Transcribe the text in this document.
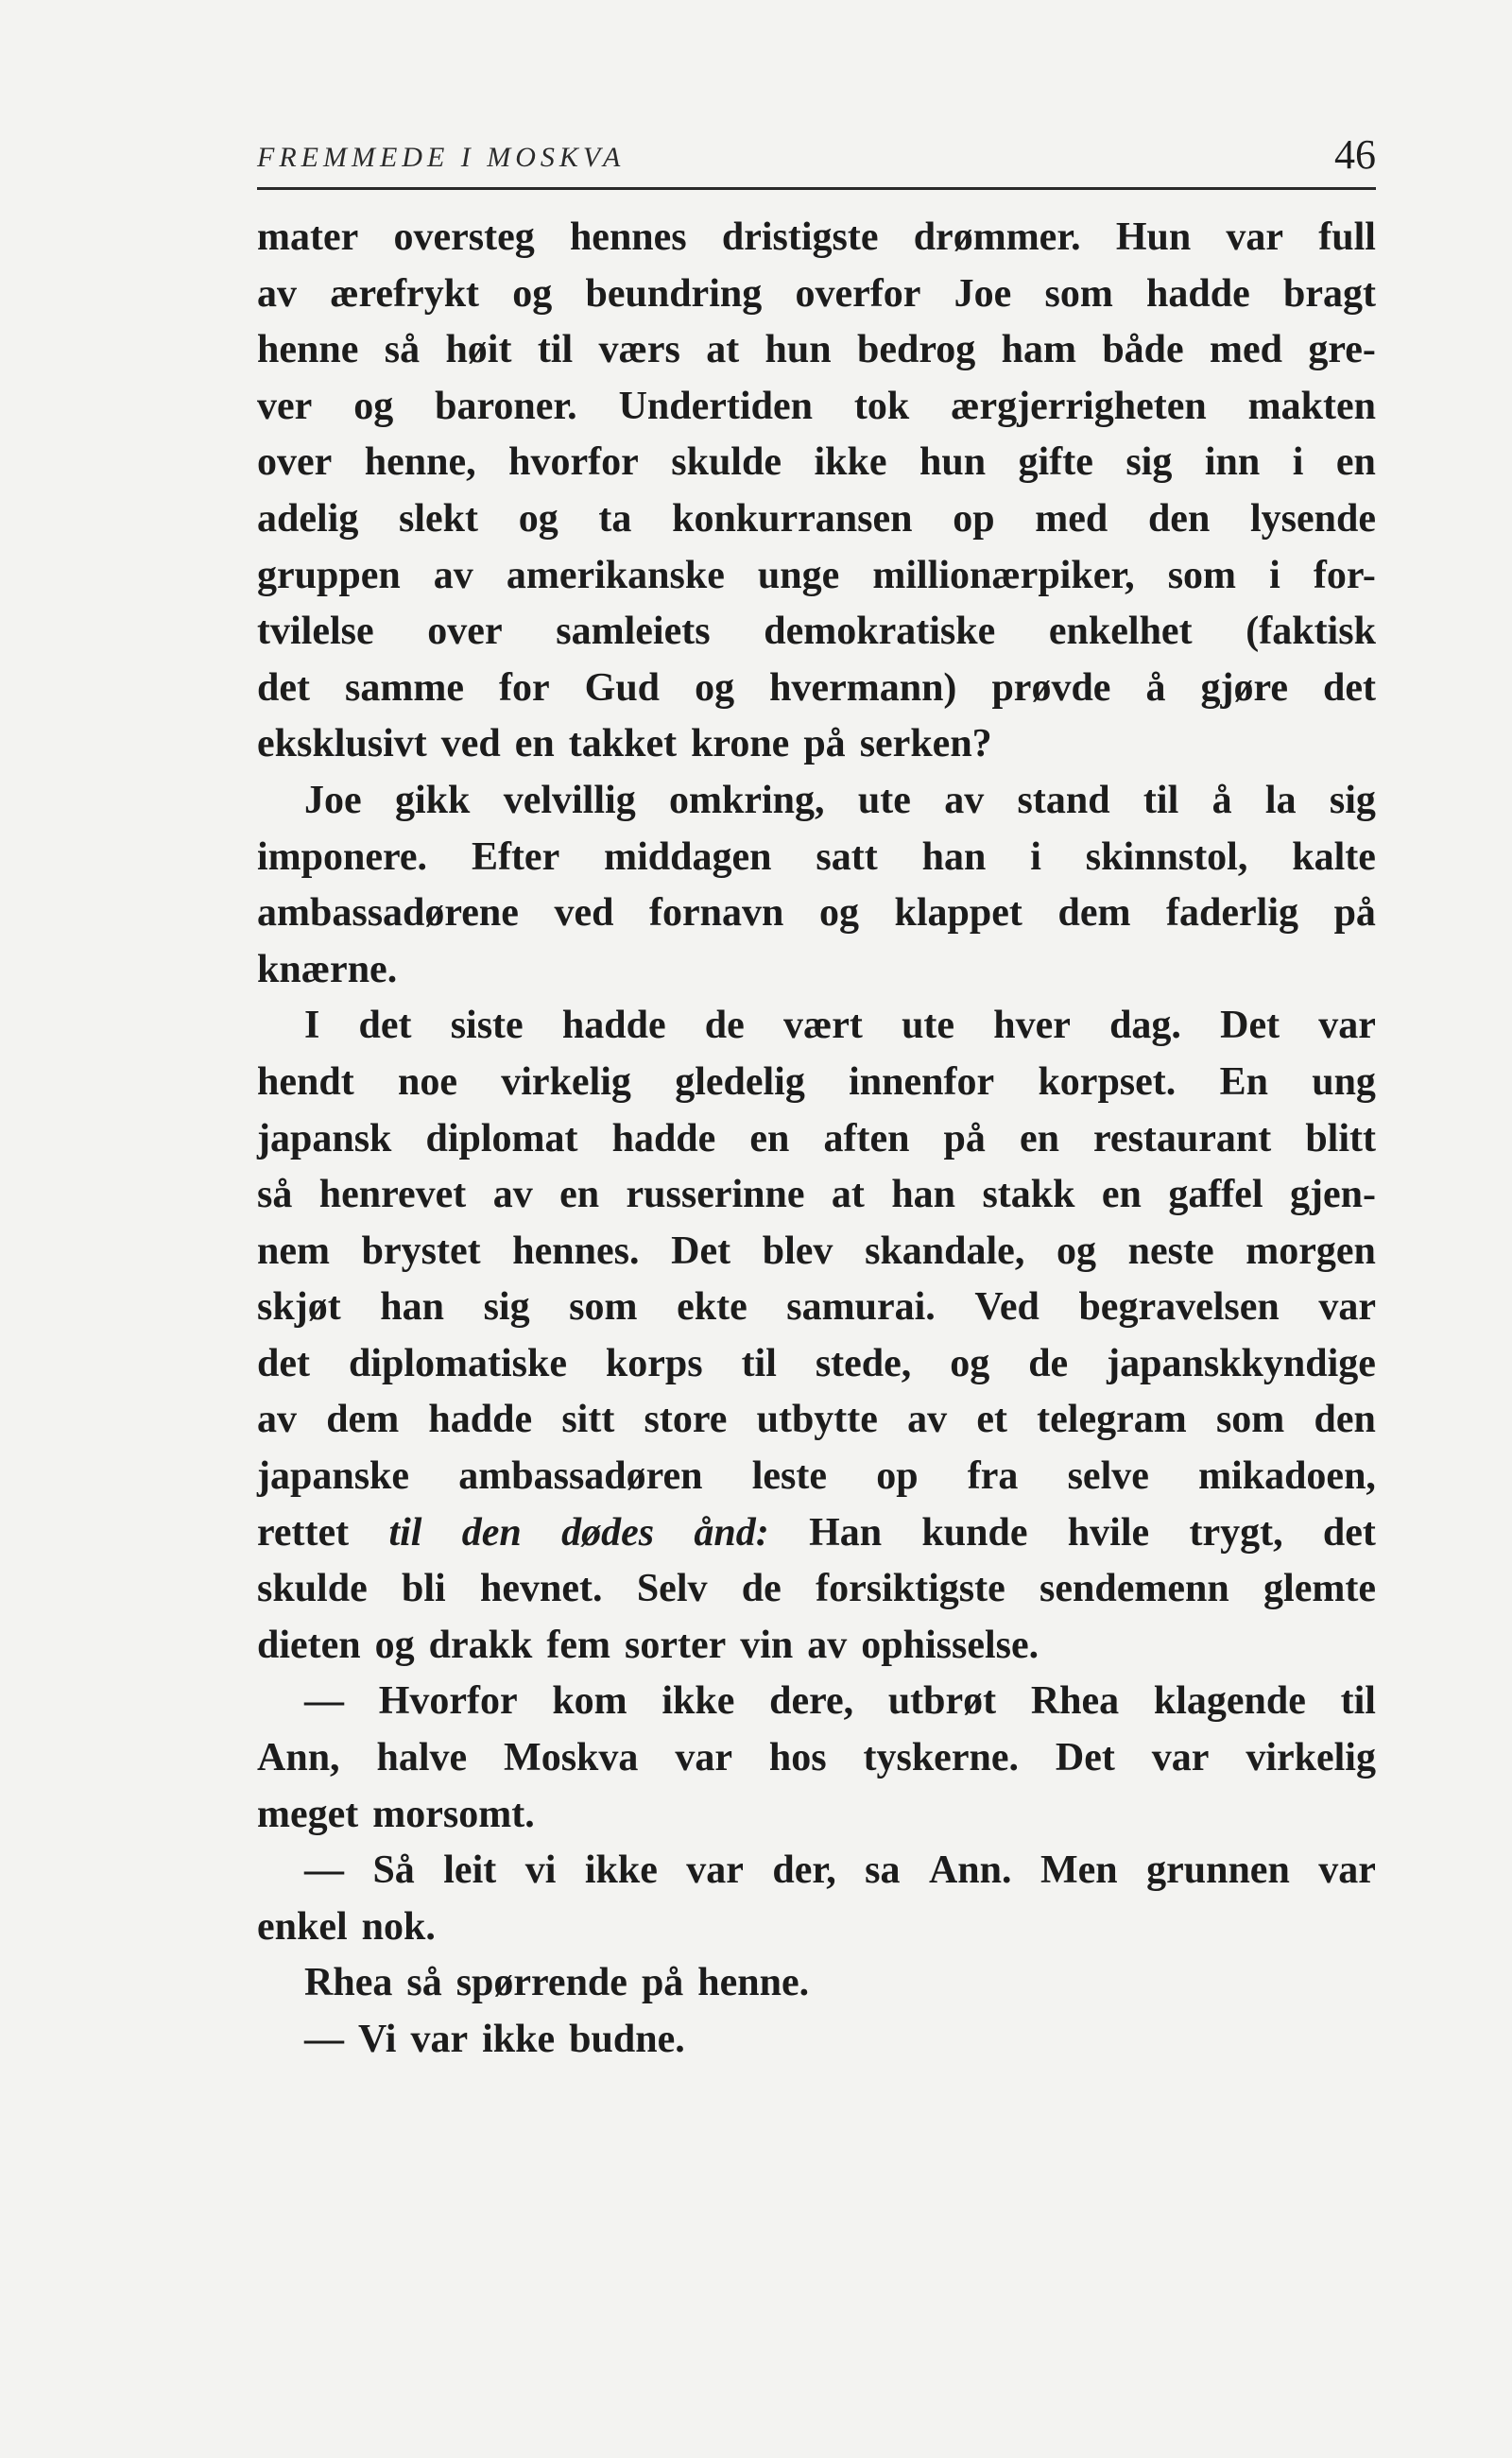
FREMMEDE I MOSKVA	46
mater oversteg hennes dristigste drømmer. Hun var full
av ærefrykt og beundring overfor Joe som hadde bragt
henne så høit til værs at hun bedrog ham både med gre-
ver og baroner. Undertiden tok ærgjerrigheten makten
over henne, hvorfor skulde ikke hun gifte sig inn i en
adelig slekt og ta konkurransen op med den lysende
gruppen av amerikanske unge millionærpiker, som i for-
tvilelse over samleiets demokratiske enkelhet (faktisk
det samme for Gud og hvermann) prøvde å gjøre det
eksklusivt ved en takket krone på serken?
Joe gikk velvillig omkring, ute av stand til å la sig
imponere. Efter middagen satt han i skinnstol, kalte
ambassadørene ved fornavn og klappet dem faderlig på
knærne.
I det siste hadde de vært ute hver dag. Det var
hendt noe virkelig gledelig innenfor korpset. En ung
japansk diplomat hadde en aften på en restaurant blitt
så henrevet av en russerinne at han stakk en gaffel gjen-
nem brystet hennes. Det blev skandale, og neste morgen
skjøt han sig som ekte samurai. Ved begravelsen var
det diplomatiske korps til stede, og de japanskkyndige
av dem hadde sitt store utbytte av et telegram som den
japanske ambassadøren leste op fra selve mikadoen,
rettet til den dødes ånd: Han kunde hvile trygt, det
skulde bli hevnet. Selv de forsiktigste sendemenn glemte
dieten og drakk fem sorter vin av ophisselse.
— Hvorfor kom ikke dere, utbrøt Rhea klagende til
Ann, halve Moskva var hos tyskerne. Det var virkelig
meget morsomt.
— Så leit vi ikke var der, sa Ann. Men grunnen var
enkel nok.
Rhea så spørrende på henne.
— Vi var ikke budne.
